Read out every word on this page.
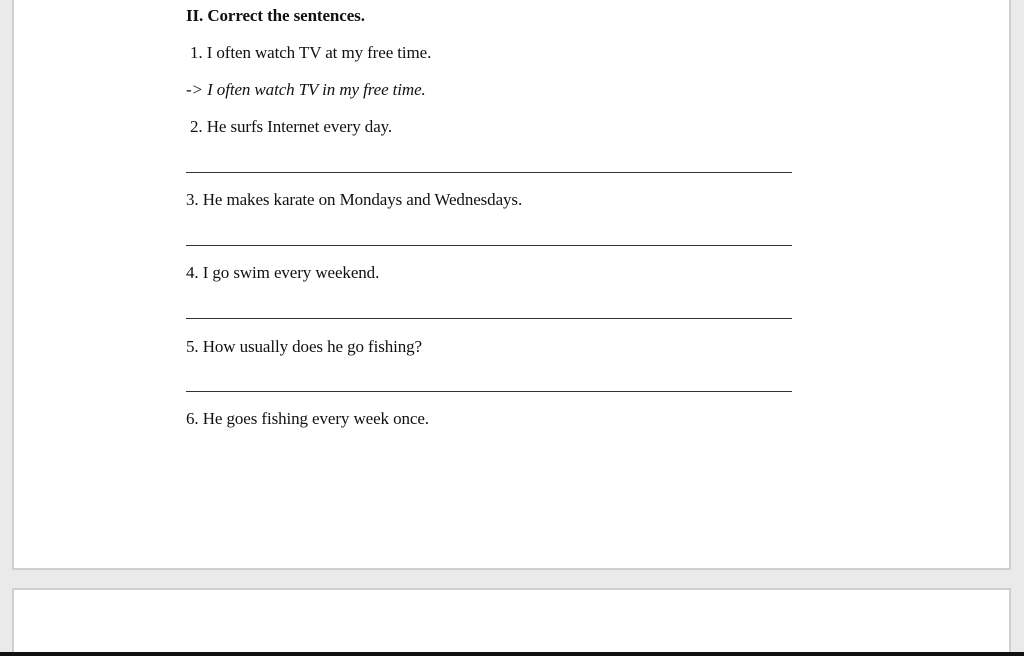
II. Correct the sentences.
1. I often watch TV at my free time.
-> I often watch TV in my free time.
2. He surfs Internet every day.
3. He makes karate on Mondays and Wednesdays.
4. I go swim every weekend.
5. How usually does he go fishing?
6. He goes fishing every week once.
